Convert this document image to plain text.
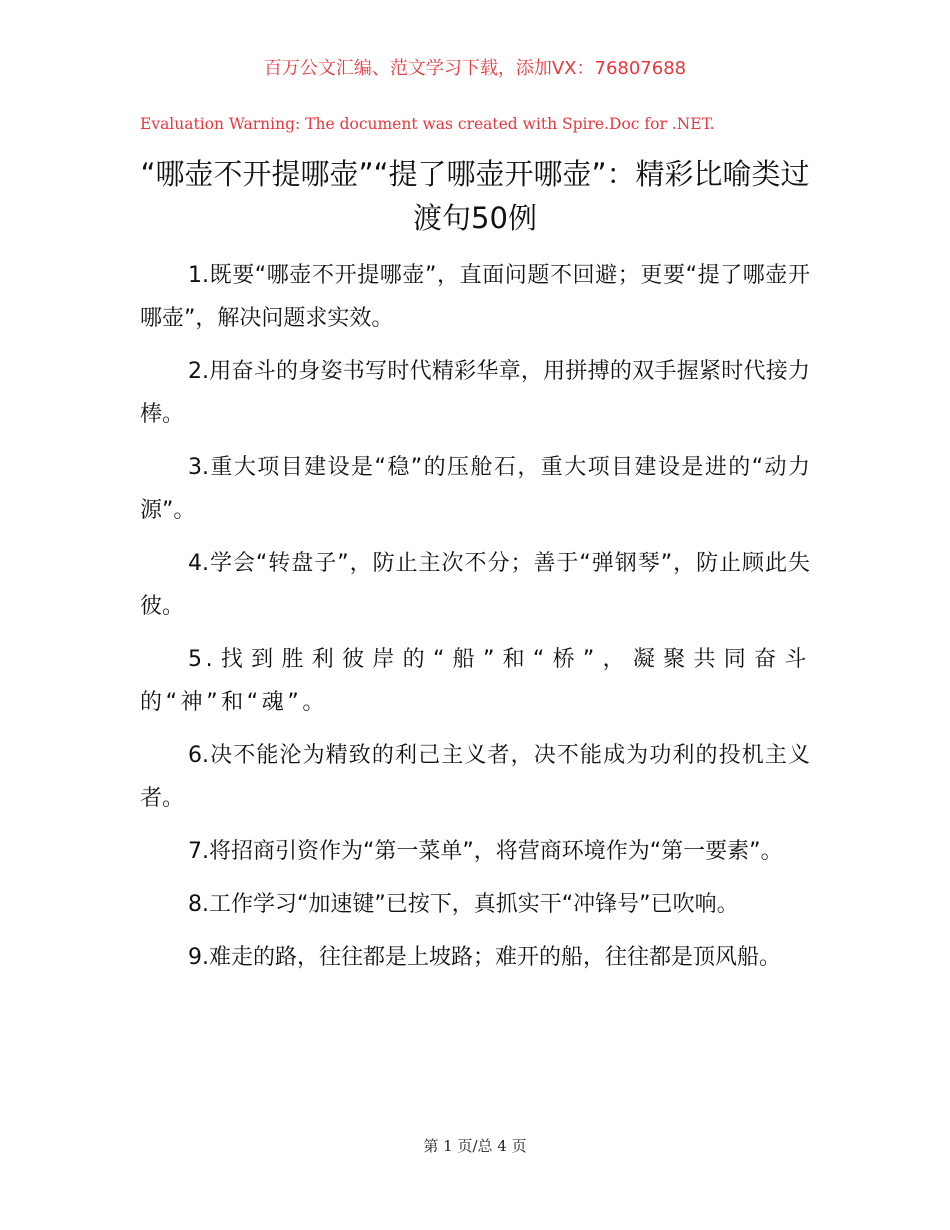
百万公文汇编、范文学习下载，添加VX：76807688
Evaluation Warning: The document was created with Spire.Doc for .NET.
“哪壶不开提哪壶”“提了哪壶开哪壶”：精彩比喻类过渡句50例

1.既要“哪壶不开提哪壶”，直面问题不回避；更要“提了哪壶开哪壶”，解决问题求实效。

2.用奋斗的身姿书写时代精彩华章，用拼搏的双手握紧时代接力棒。

3.重大项目建设是“稳”的压舱石，重大项目建设是进的“动力源”。

4.学会“转盘子”，防止主次不分；善于“弹钢琴”，防止顾此失彼。

5.找到胜利彼岸的“船”和“桥”，凝聚共同奋斗的“神”和“魂”。

6.决不能沦为精致的利己主义者，决不能成为功利的投机主义者。

7.将招商引资作为“第一菜单”，将营商环境作为“第一要素”。

8.工作学习“加速键”已按下，真抓实干“冲锋号”已吹响。

9.难走的路，往往都是上坡路；难开的船，往往都是顶风船。

第 1 页/总 4 页
